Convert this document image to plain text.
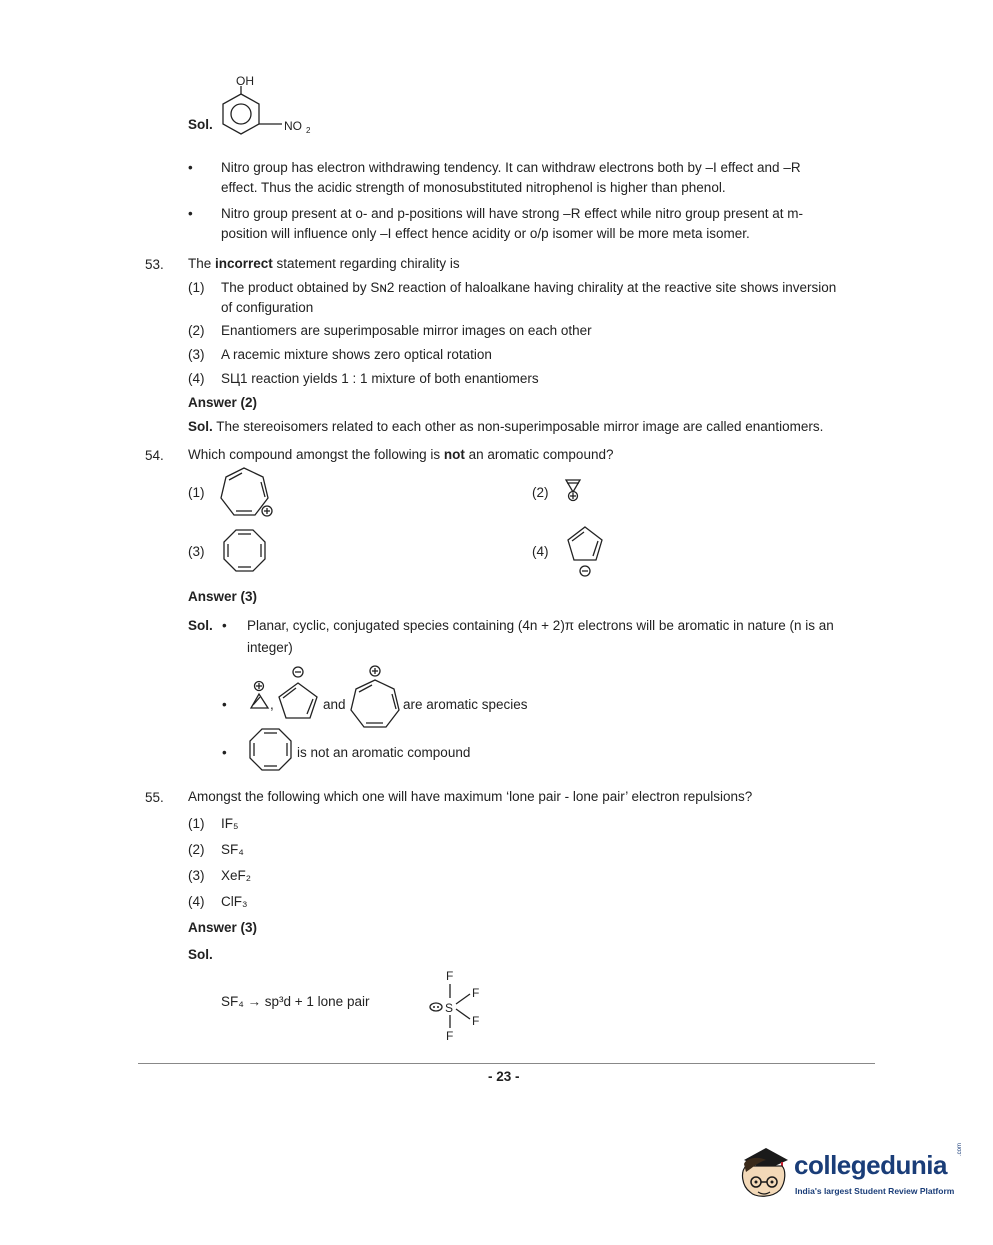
Sol.
OH
NO 2
• Nitro group has electron withdrawing tendency. It can withdraw electrons both by –I effect and –R
effect. Thus the acidic strength of monosubstituted nitrophenol is higher than phenol.
• Nitro group present at o- and p-positions will have strong –R effect while nitro group present at m-
position will influence only –I effect hence acidity or o/p isomer will be more meta isomer.
53. The incorrect statement regarding chirality is
(1) The product obtained by Sɴ2 reaction of haloalkane having chirality at the reactive site shows inversion
of configuration
(2) Enantiomers are superimposable mirror images on each other
(3) A racemic mixture shows zero optical rotation
(4) SЦ1 reaction yields 1 : 1 mixture of both enantiomers
Answer (2)
Sol. The stereoisomers related to each other as non-superimposable mirror image are called enantiomers.
54. Which compound amongst the following is not an aromatic compound?
(1)	(2)
(3)	(4)
Answer (3)
Sol. • Planar, cyclic, conjugated species containing (4n + 2)π electrons will be aromatic in nature (n is an
integer)
•	,	and	are aromatic species
•	is not an aromatic compound
55. Amongst the following which one will have maximum ‘lone pair - lone pair’ electron repulsions?
(1) IF₅
(2) SF₄
(3) XeF₂
(4) ClF₃
Answer (3)
Sol.
SF₄ → sp³d + 1 lone pair
F
S
F
F
F
- 23 -
collegedunia
.com
India's largest Student Review Platform
